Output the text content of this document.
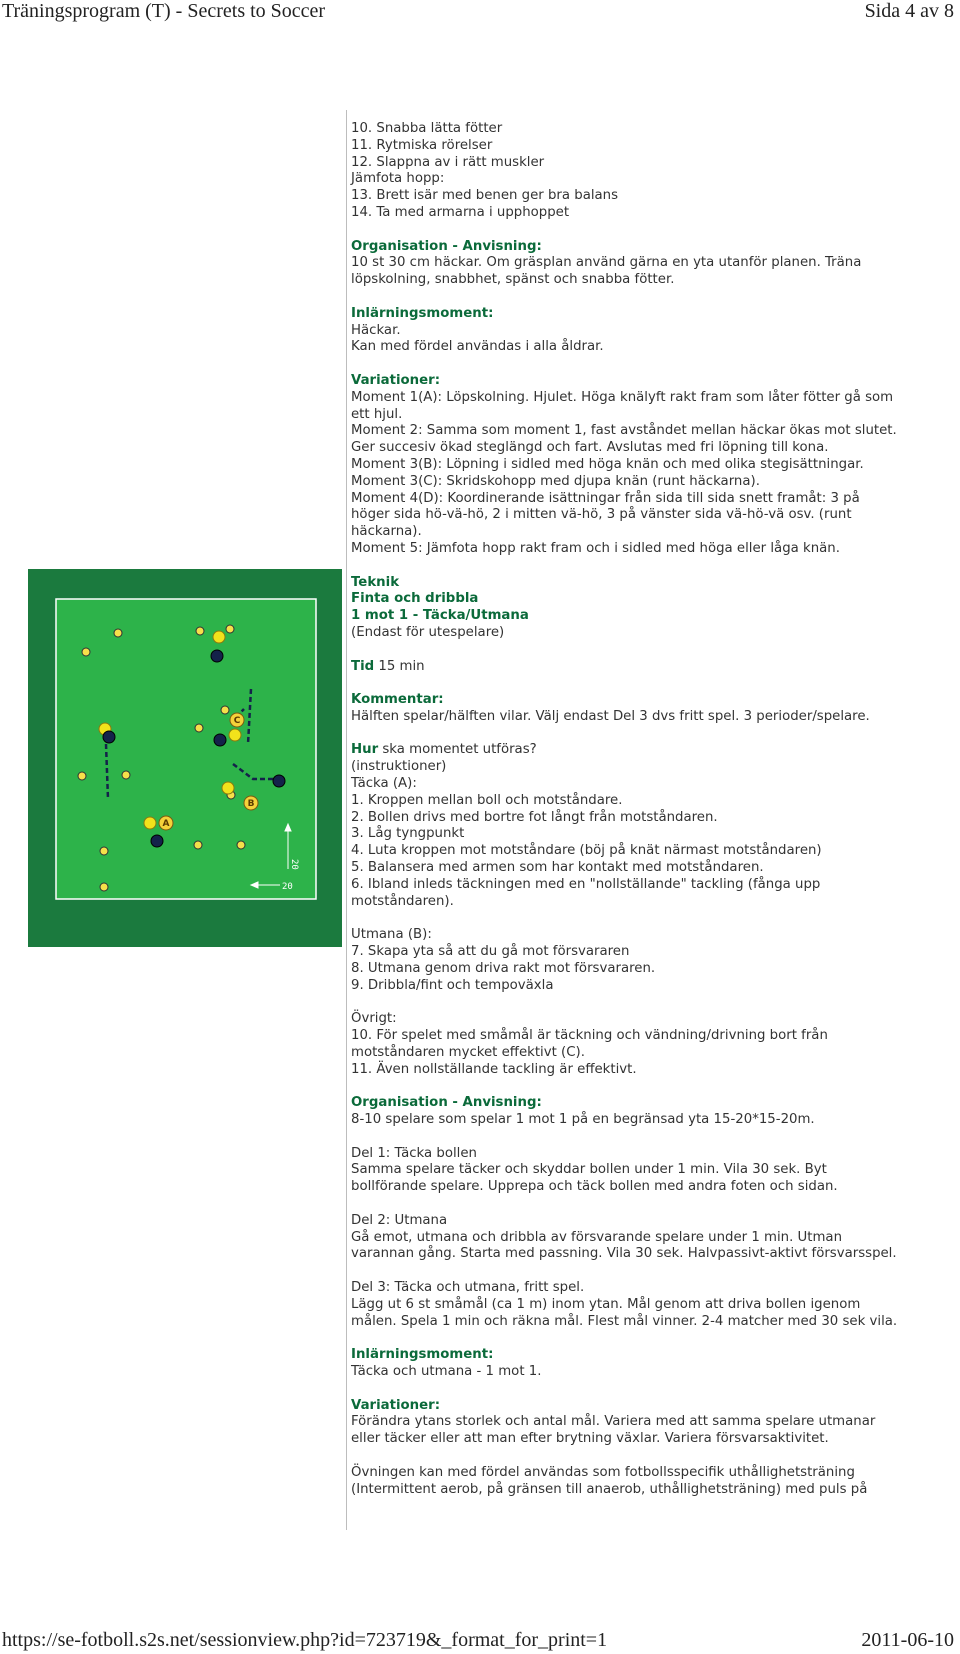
Träningsprogram (T) - Secrets to Soccer	Sida 4 av 8
A
B
C
20
20
10. Snabba lätta fötter
11. Rytmiska rörelser
12. Slappna av i rätt muskler
Jämfota hopp:
13. Brett isär med benen ger bra balans
14. Ta med armarna i upphoppet
Organisation - Anvisning:
10 st 30 cm häckar. Om gräsplan använd gärna en yta utanför planen. Träna löpskolning, snabbhet, spänst och snabba fötter.
Inlärningsmoment:
Häckar.
Kan med fördel användas i alla åldrar.
Variationer:
Moment 1(A): Löpskolning. Hjulet. Höga knälyft rakt fram som låter fötter gå som ett hjul.
Moment 2: Samma som moment 1, fast avståndet mellan häckar ökas mot slutet. Ger succesiv ökad steglängd och fart. Avslutas med fri löpning till kona.
Moment 3(B): Löpning i sidled med höga knän och med olika stegisättningar.
Moment 3(C): Skridskohopp med djupa knän (runt häckarna).
Moment 4(D): Koordinerande isättningar från sida till sida snett framåt: 3 på höger sida hö-vä-hö, 2 i mitten vä-hö, 3 på vänster sida vä-hö-vä osv. (runt häckarna).
Moment 5: Jämfota hopp rakt fram och i sidled med höga eller låga knän.
Teknik
Finta och dribbla
1 mot 1 - Täcka/Utmana
(Endast för utespelare)
Tid 15 min
Kommentar:
Hälften spelar/hälften vilar. Välj endast Del 3 dvs fritt spel. 3 perioder/spelare.
Hur ska momentet utföras?
(instruktioner)
Täcka (A):
1. Kroppen mellan boll och motståndare.
2. Bollen drivs med bortre fot långt från motståndaren.
3. Låg tyngpunkt
4. Luta kroppen mot motståndare (böj på knät närmast motståndaren)
5. Balansera med armen som har kontakt med motståndaren.
6. Ibland inleds täckningen med en "nollställande" tackling (fånga upp motståndaren).
Utmana (B):
7. Skapa yta så att du gå mot försvararen
8. Utmana genom driva rakt mot försvararen.
9. Dribbla/fint och tempoväxla
Övrigt:
10. För spelet med småmål är täckning och vändning/drivning bort från motståndaren mycket effektivt (C).
11. Även nollställande tackling är effektivt.
Organisation - Anvisning:
8-10 spelare som spelar 1 mot 1 på en begränsad yta 15-20*15-20m.
Del 1: Täcka bollen
Samma spelare täcker och skyddar bollen under 1 min. Vila 30 sek. Byt bollförande spelare. Upprepa och täck bollen med andra foten och sidan.
Del 2: Utmana
Gå emot, utmana och dribbla av försvarande spelare under 1 min. Utman varannan gång. Starta med passning. Vila 30 sek. Halvpassivt-aktivt försvarsspel.
Del 3: Täcka och utmana, fritt spel.
Lägg ut 6 st småmål (ca 1 m) inom ytan. Mål genom att driva bollen igenom målen. Spela 1 min och räkna mål. Flest mål vinner. 2-4 matcher med 30 sek vila.
Inlärningsmoment:
Täcka och utmana - 1 mot 1.
Variationer:
Förändra ytans storlek och antal mål. Variera med att samma spelare utmanar eller täcker eller att man efter brytning växlar. Variera försvarsaktivitet.
Övningen kan med fördel användas som fotbollsspecifik uthållighetsträning (Intermittent aerob, på gränsen till anaerob, uthållighetsträning) med puls på
https://se-fotboll.s2s.net/sessionview.php?id=723719&_format_for_print=1	2011-06-10
